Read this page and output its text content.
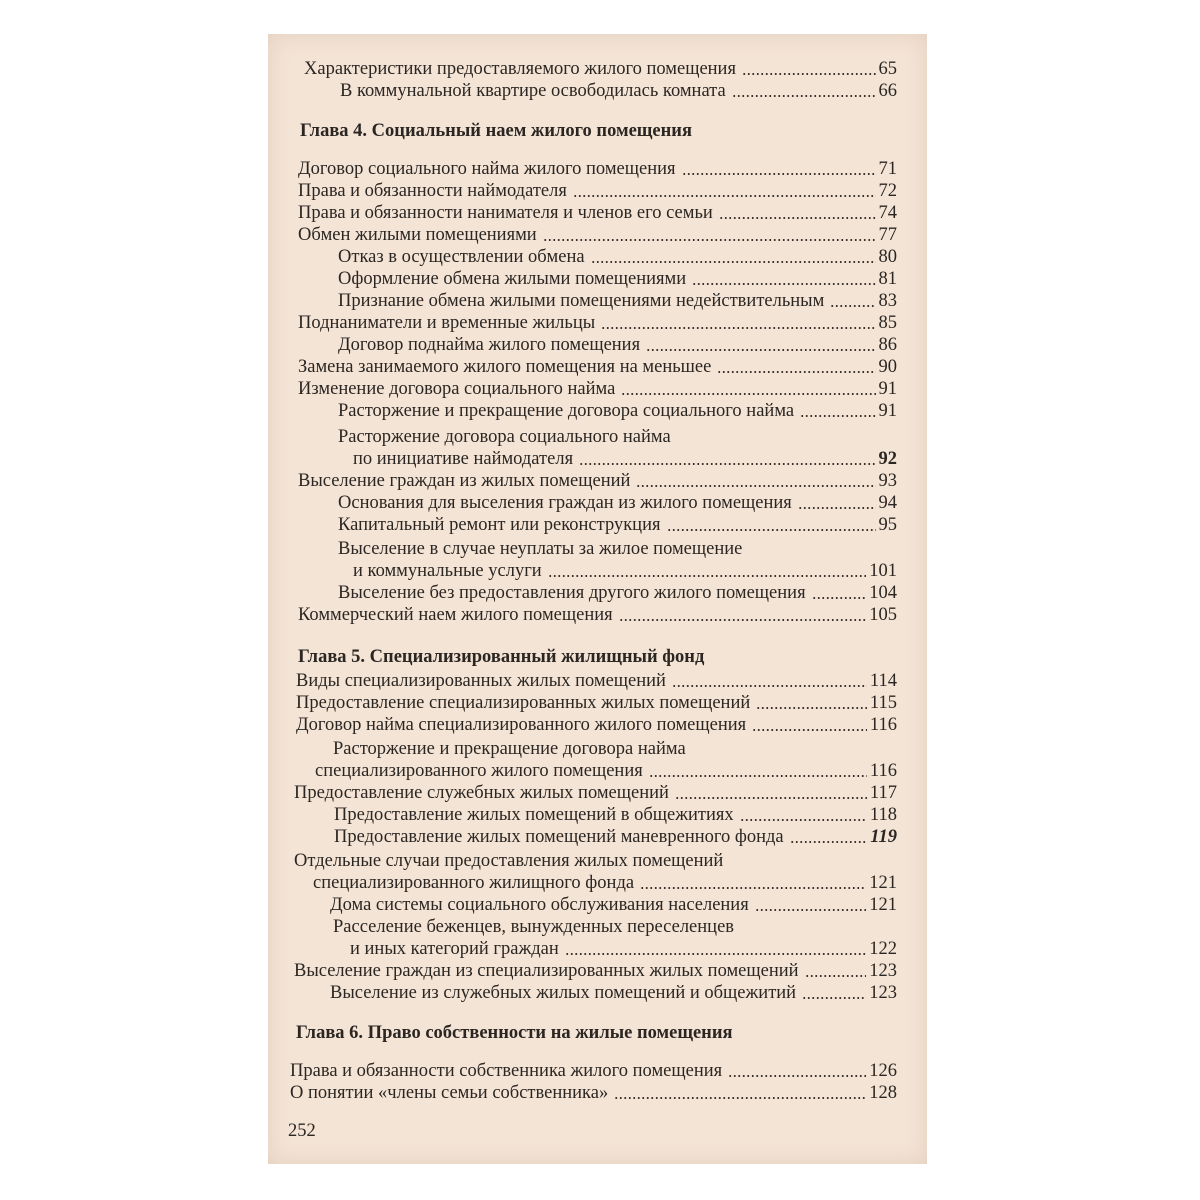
Характеристики предоставляемого жилого помещения	65
В коммунальной квартире освободилась комната	66
Глава 4. Социальный наем жилого помещения
Договор социального найма жилого помещения	71
Права и обязанности наймодателя	72
Права и обязанности нанимателя и членов его семьи	74
Обмен жилыми помещениями	77
Отказ в осуществлении обмена	80
Оформление обмена жилыми помещениями	81
Признание обмена жилыми помещениями недействительным	83
Поднаниматели и временные жильцы	85
Договор поднайма жилого помещения	86
Замена занимаемого жилого помещения на меньшее	90
Изменение договора социального найма	91
Расторжение и прекращение договора социального найма	91
Расторжение договора социального найма
по инициативе наймодателя	92
Выселение граждан из жилых помещений	93
Основания для выселения граждан из жилого помещения	94
Капитальный ремонт или реконструкция	95
Выселение в случае неуплаты за жилое помещение
и коммунальные услуги	101
Выселение без предоставления другого жилого помещения	104
Коммерческий наем жилого помещения	105
Глава 5. Специализированный жилищный фонд
Виды специализированных жилых помещений	114
Предоставление специализированных жилых помещений	115
Договор найма специализированного жилого помещения	116
Расторжение и прекращение договора найма
специализированного жилого помещения	116
Предоставление служебных жилых помещений	117
Предоставление жилых помещений в общежитиях	118
Предоставление жилых помещений маневренного фонда	119
Отдельные случаи предоставления жилых помещений
специализированного жилищного фонда	121
Дома системы социального обслуживания населения	121
Расселение беженцев, вынужденных переселенцев
и иных категорий граждан	122
Выселение граждан из специализированных жилых помещений	123
Выселение из служебных жилых помещений и общежитий	123
Глава 6. Право собственности на жилые помещения
Права и обязанности собственника жилого помещения	126
О понятии «члены семьи собственника»	128
252
